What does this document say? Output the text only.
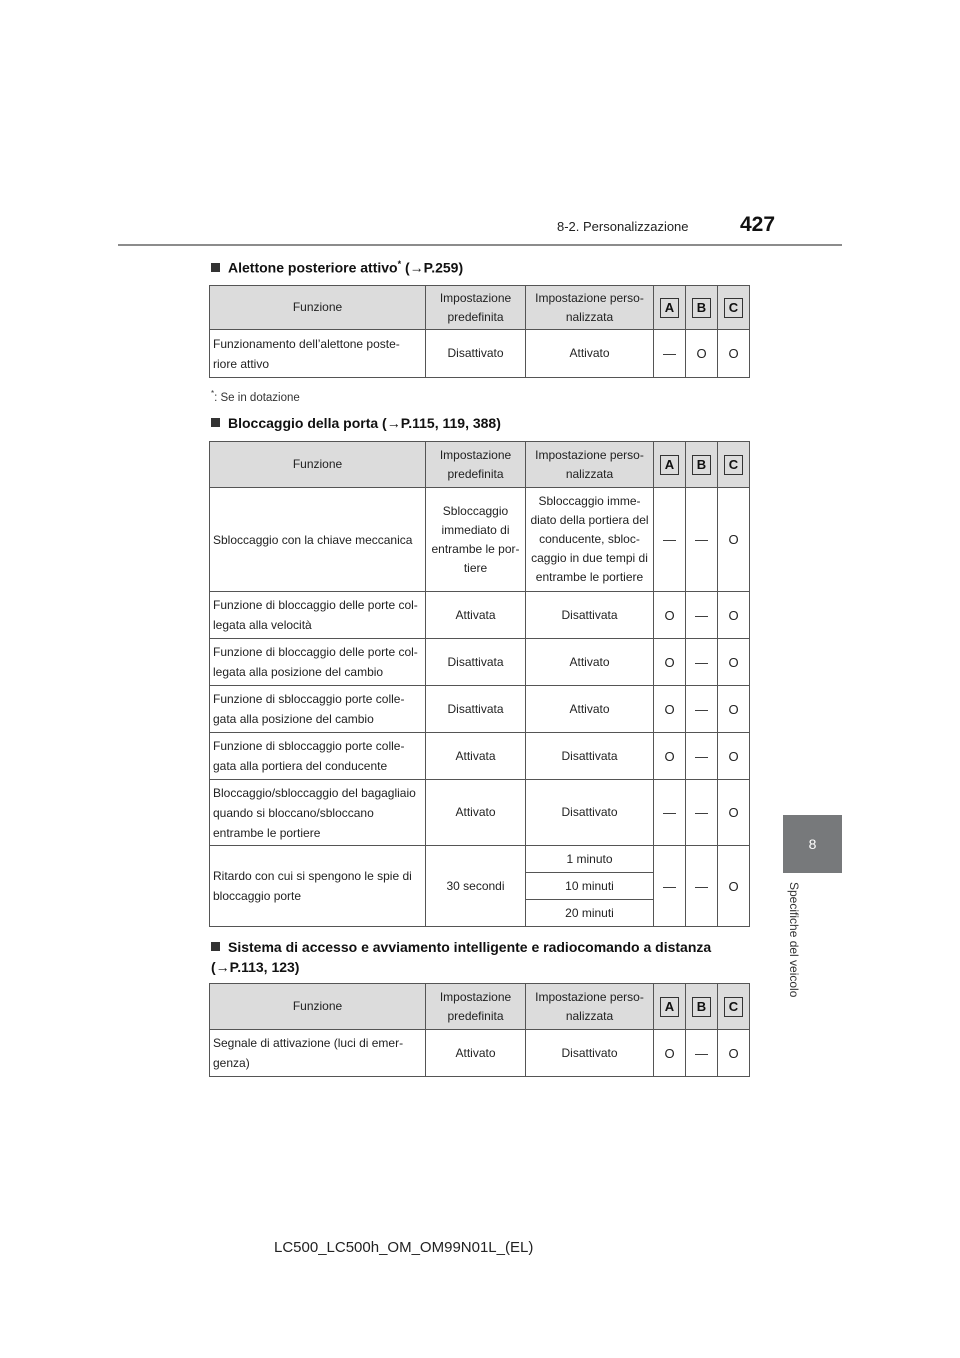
8-2. Personalizzazione 427
8
Specifiche del veicolo
Alettone posteriore attivo* (→P.259)
Funzione	Impostazione predefinita	Impostazione perso-nalizzata	A	B	C
Funzionamento dell’alettone poste-riore attivo	Disattivato	Attivato	—	O	O
*: Se in dotazione
Bloccaggio della porta (→P.115, 119, 388)
Funzione	Impostazione predefinita	Impostazione perso-nalizzata	A	B	C
Sbloccaggio con la chiave meccanica	Sbloccaggio immediato di entrambe le por-tiere	Sbloccaggio imme-diato della portiera del conducente, sbloc-caggio in due tempi di entrambe le portiere	—	—	O
Funzione di bloccaggio delle porte col-legata alla velocità	Attivata	Disattivata	O	—	O
Funzione di bloccaggio delle porte col-legata alla posizione del cambio	Disattivata	Attivato	O	—	O
Funzione di sbloccaggio porte colle-gata alla posizione del cambio	Disattivata	Attivato	O	—	O
Funzione di sbloccaggio porte colle-gata alla portiera del conducente	Attivata	Disattivata	O	—	O
Bloccaggio/sbloccaggio del bagagliaio quando si bloccano/sbloccano entrambe le portiere	Attivato	Disattivato	—	—	O
Ritardo con cui si spengono le spie di bloccaggio porte	30 secondi	1 minuto	—	—	O
		10 minuti			
		20 minuti			
Sistema di accesso e avviamento intelligente e radiocomando a distanza (→P.113, 123)
Funzione	Impostazione predefinita	Impostazione perso-nalizzata	A	B	C
Segnale di attivazione (luci di emer-genza)	Attivato	Disattivato	O	—	O
LC500_LC500h_OM_OM99N01L_(EL)
